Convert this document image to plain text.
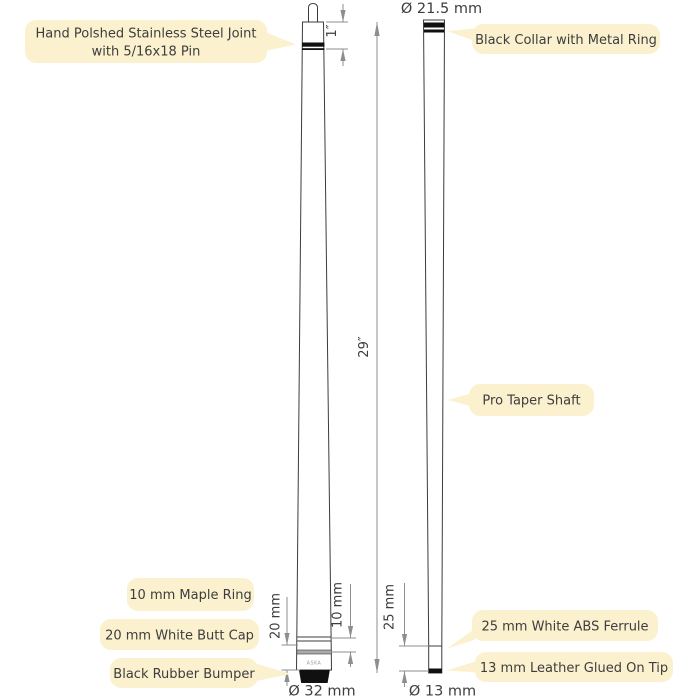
ASKA
1″
29″
10 mm
20 mm	25 mm
Ø 21.5 mm
Ø 32 mm	Ø 13 mm
Hand Polshed Stainless Steel Joint
with 5/16x18 Pin
Black Collar with Metal Ring
Pro Taper Shaft
10 mm Maple Ring
20 mm White Butt Cap
Black Rubber Bumper
25 mm White ABS Ferrule
13 mm Leather Glued On Tip
